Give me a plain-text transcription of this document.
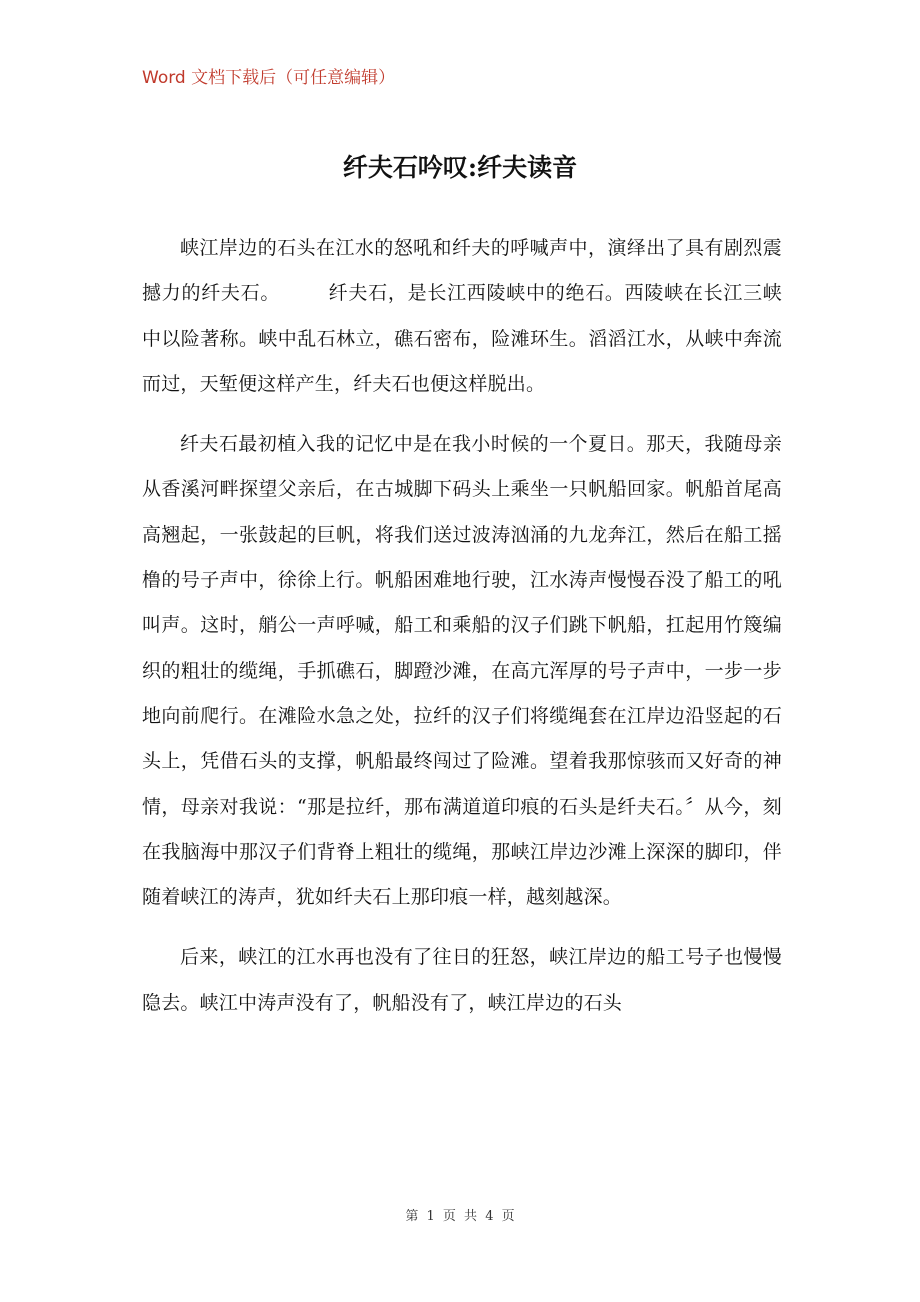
Word 文档下载后（可任意编辑）
纤夫石吟叹:纤夫读音

峡江岸边的石头在江水的怒吼和纤夫的呼喊声中，演绎出了具有剧烈震撼力的纤夫石。	纤夫石，是长江西陵峡中的绝石。西陵峡在长江三峡中以险著称。峡中乱石林立，礁石密布，险滩环生。滔滔江水，从峡中奔流而过，天堑便这样产生，纤夫石也便这样脱出。

纤夫石最初植入我的记忆中是在我小时候的一个夏日。那天，我随母亲从香溪河畔探望父亲后，在古城脚下码头上乘坐一只帆船回家。帆船首尾高高翘起，一张鼓起的巨帆，将我们送过波涛汹涌的九龙奔江，然后在船工摇橹的号子声中，徐徐上行。帆船困难地行驶，江水涛声慢慢吞没了船工的吼叫声。这时，艄公一声呼喊，船工和乘船的汉子们跳下帆船，扛起用竹篾编织的粗壮的缆绳，手抓礁石，脚蹬沙滩，在高亢浑厚的号子声中，一步一步地向前爬行。在滩险水急之处，拉纤的汉子们将缆绳套在江岸边沿竖起的石头上，凭借石头的支撑，帆船最终闯过了险滩。望着我那惊骇而又好奇的神情，母亲对我说：“那是拉纤，那布满道道印痕的石头是纤夫石。〞从今，刻在我脑海中那汉子们背脊上粗壮的缆绳，那峡江岸边沙滩上深深的脚印，伴随着峡江的涛声，犹如纤夫石上那印痕一样，越刻越深。

后来，峡江的江水再也没有了往日的狂怒，峡江岸边的船工号子也慢慢隐去。峡江中涛声没有了，帆船没有了，峡江岸边的石头

第 1 页 共 4 页
